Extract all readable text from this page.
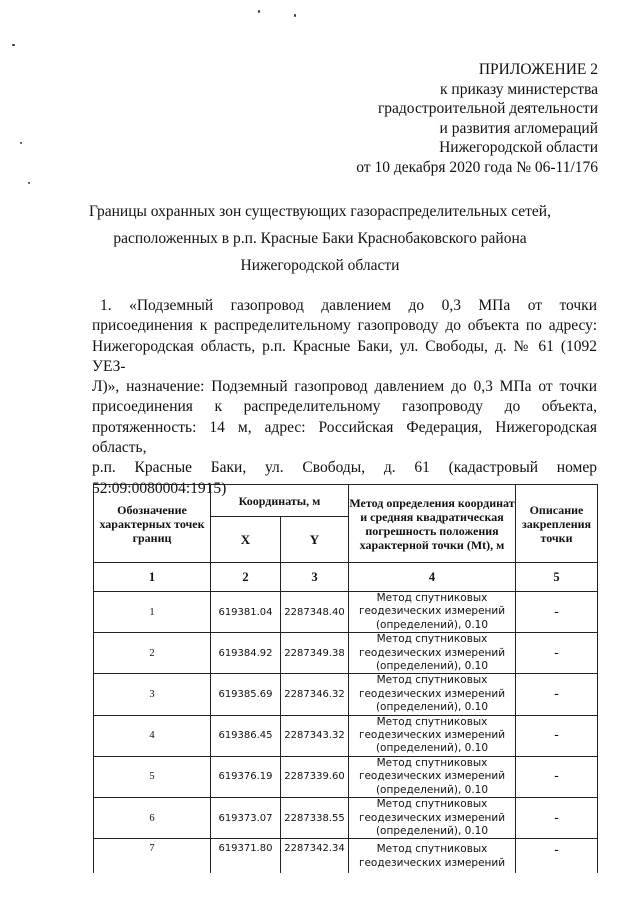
ПРИЛОЖЕНИЕ 2
к приказу министерства
градостроительной деятельности
и развития агломераций
Нижегородской области
от 10 декабря 2020 года № 06-11/176
Границы охранных зон существующих газораспределительных сетей,
расположенных в р.п. Красные Баки Краснобаковского района
Нижегородской области
1. «Подземный газопровод давлением до 0,3 МПа от точки
присоединения к распределительному газопроводу до объекта по адресу:
Нижегородская область, р.п. Красные Баки, ул. Свободы, д. № 61 (1092 УЕЗ-
Л)», назначение: Подземный газопровод давлением до 0,3 МПа от точки
присоединения к распределительному газопроводу до объекта,
протяженность: 14 м, адрес: Российская Федерация, Нижегородская область,
р.п. Красные Баки, ул. Свободы, д. 61 (кадастровый номер
52:09:0080004:1915)
Обозначение характерных точек границ	Координаты, м		Метод определения координат и средняя квадратическая погрешность положения характерной точки (Mt), м	Описание закрепления точки
	X	Y		
1	2	3	4	5
1	619381.04	2287348.40	Метод спутниковых геодезических измерений (определений), 0.10	-
2	619384.92	2287349.38	Метод спутниковых геодезических измерений (определений), 0.10	-
3	619385.69	2287346.32	Метод спутниковых геодезических измерений (определений), 0.10	-
4	619386.45	2287343.32	Метод спутниковых геодезических измерений (определений), 0.10	-
5	619376.19	2287339.60	Метод спутниковых геодезических измерений (определений), 0.10	-
6	619373.07	2287338.55	Метод спутниковых геодезических измерений (определений), 0.10	-
7	619371.80	2287342.34	Метод спутниковых геодезических измерений	-
